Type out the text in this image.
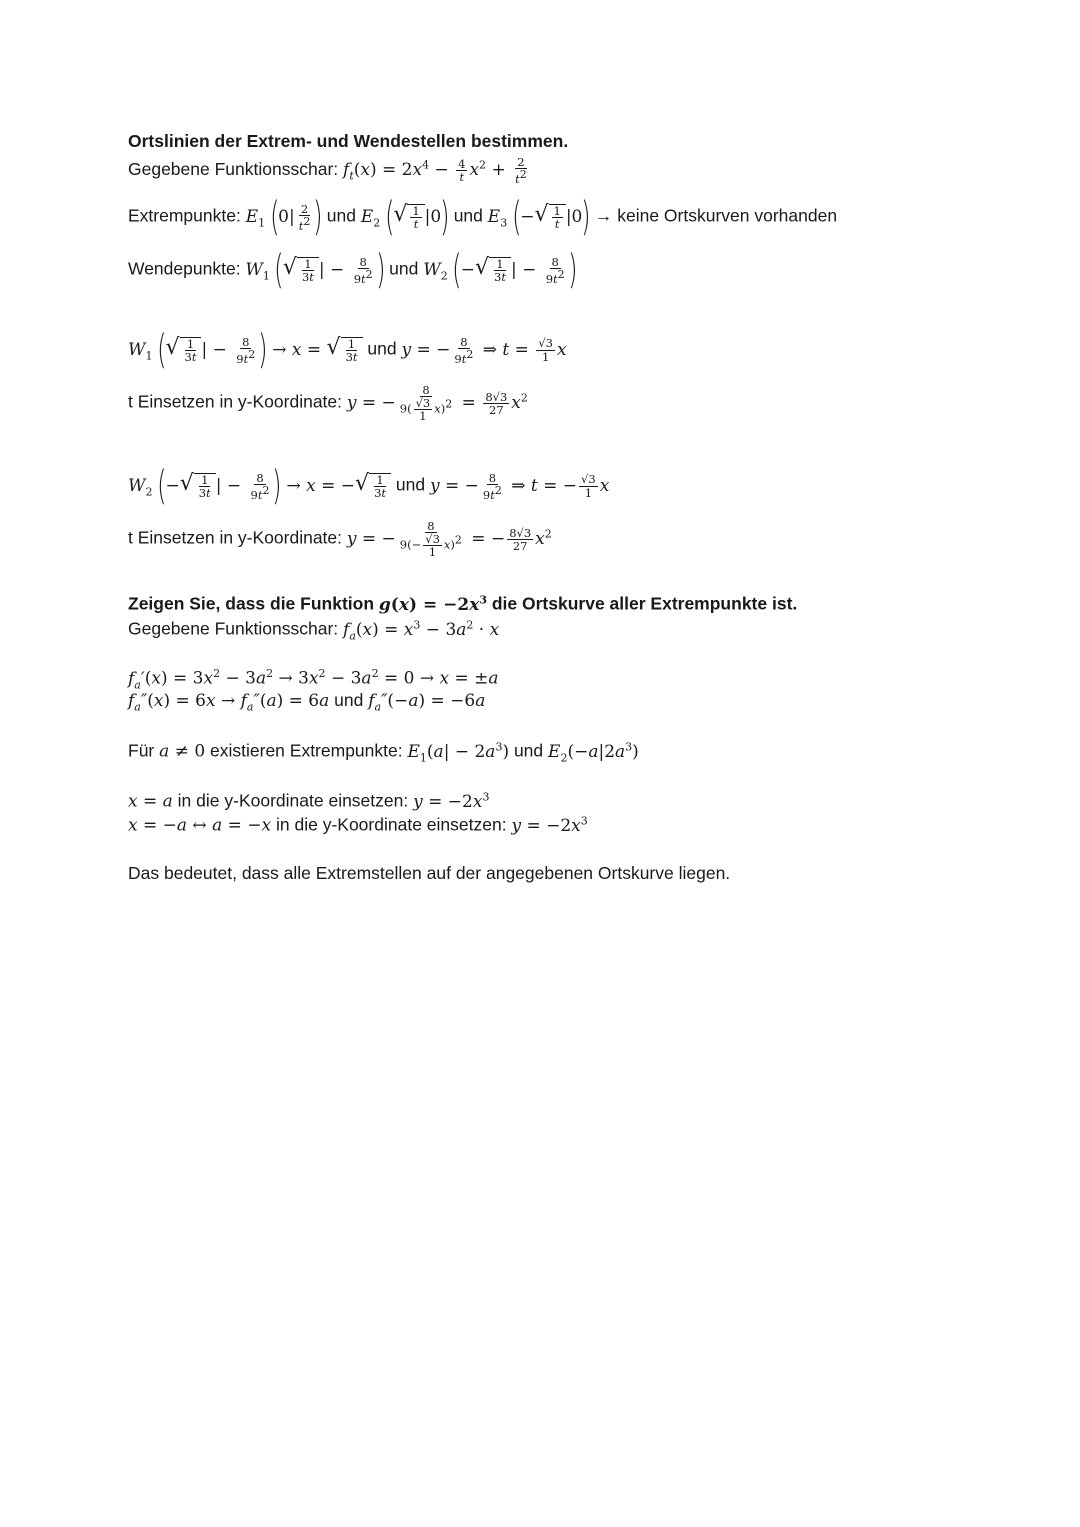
Ortslinien der Extrem- und Wendestellen bestimmen.
Gegebene Funktionsschar: $f_t(x) = 2x^4 - \frac{4}{t} x^2 + \frac{2}{t^2}$
Extrempunkte: $E_1$ ($0| \frac{2}{t^2}$ ) und $E_2$ ( √ $\frac{1}{t} |0$) und $E_3$ (− √ $\frac{1}{t} |0$) → keine Ortskurven vorhanden
Wendepunkte: $W_1$ ( √ $\frac{1}{3t}$ | − $\frac{8}{9t^2}$ ) und $W_2$ (− √ $\frac{1}{3t}$ | − $\frac{8}{9t^2}$ )
$W_1$ ( √ $\frac{1}{3t}$ | − $\frac{8}{9t^2}$ ) → x = √ $\frac{1}{3t}$ und y = − $\frac{8}{9t^2}$ ⇒ $t = \frac{√3}{1}$ x
t Einsetzen in y-Koordinate: y = − $\frac{8}{9( \frac{√3}{1} x)^2} = \frac{8√3}{27} x^2$
$W_2$ (− √ $\frac{1}{3t}$ | − $\frac{8}{9t^2}$ ) → x = − √ $\frac{1}{3t}$ und y = − $\frac{8}{9t^2}$ ⇒ t = − $\frac{√3}{1}$ x
t Einsetzen in y-Koordinate: y = − $\frac{8}{9(- \frac{√3}{1} x)^2}$ = − $\frac{8√3}{27} x^2$
Zeigen Sie, dass die Funktion $g(x) = -2x^3$ die Ortskurve aller Extrempunkte ist.
Gegebene Funktionsschar: $f_a(x) = x^3 - 3a^2 \cdot x$
$f_a'(x) = 3x^2 - 3a^2 \to 3x^2 - 3a^2 = 0 \to x = \pm a$
$f_a''(x) = 6x \to f_a''(a) = 6a$ und $f_a''(-a) = -6a$
Für a ≠ 0 existieren Extrempunkte: $E_1(a| - 2a^3)$ und $E_2(-a|2a^3)$
x = a in die y-Koordinate einsetzen: $y = -2x^3$
x = −a ↔ a = −x in die y-Koordinate einsetzen: $y = -2x^3$
Das bedeutet, dass alle Extremstellen auf der angegebenen Ortskurve liegen.
